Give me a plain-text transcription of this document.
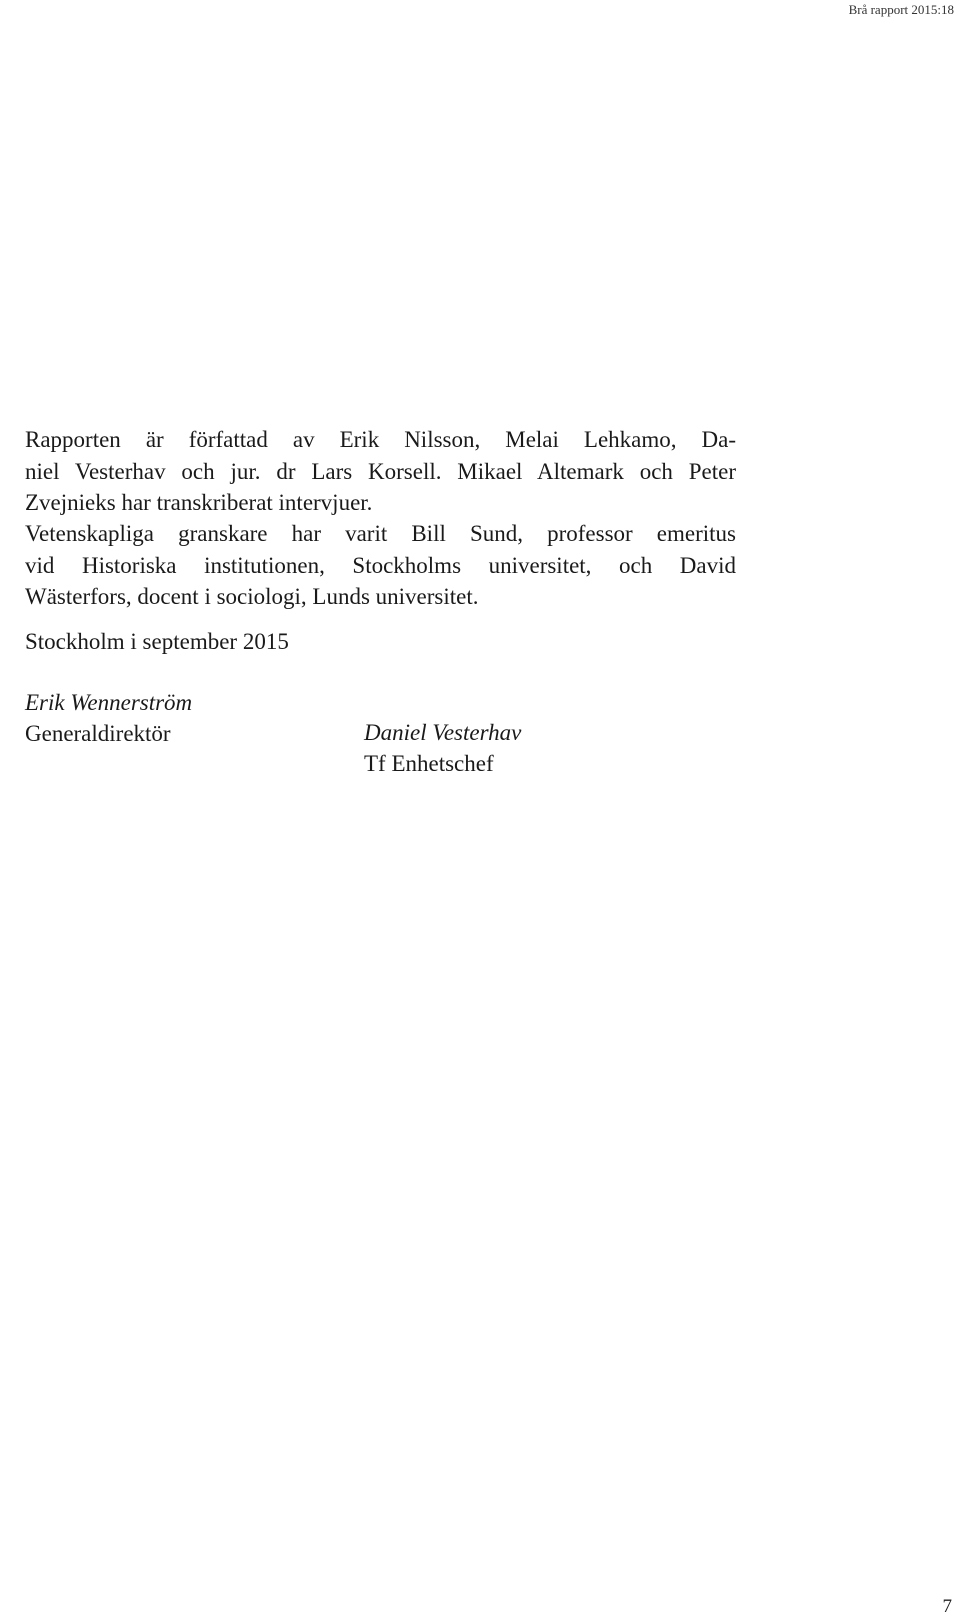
Brå rapport 2015:18

Rapporten är författad av Erik Nilsson, Melai Lehkamo, Da-
niel Vesterhav och jur. dr Lars Korsell. Mikael Altemark och Peter
Zvejnieks har transkriberat intervjuer.

Vetenskapliga granskare har varit Bill Sund, professor emeritus
vid Historiska institutionen, Stockholms universitet, och David
Wästerfors, docent i sociologi, Lunds universitet.

Stockholm i september 2015

Erik Wennerström
Generaldirektör	Daniel Vesterhav
Tf Enhetschef
7
